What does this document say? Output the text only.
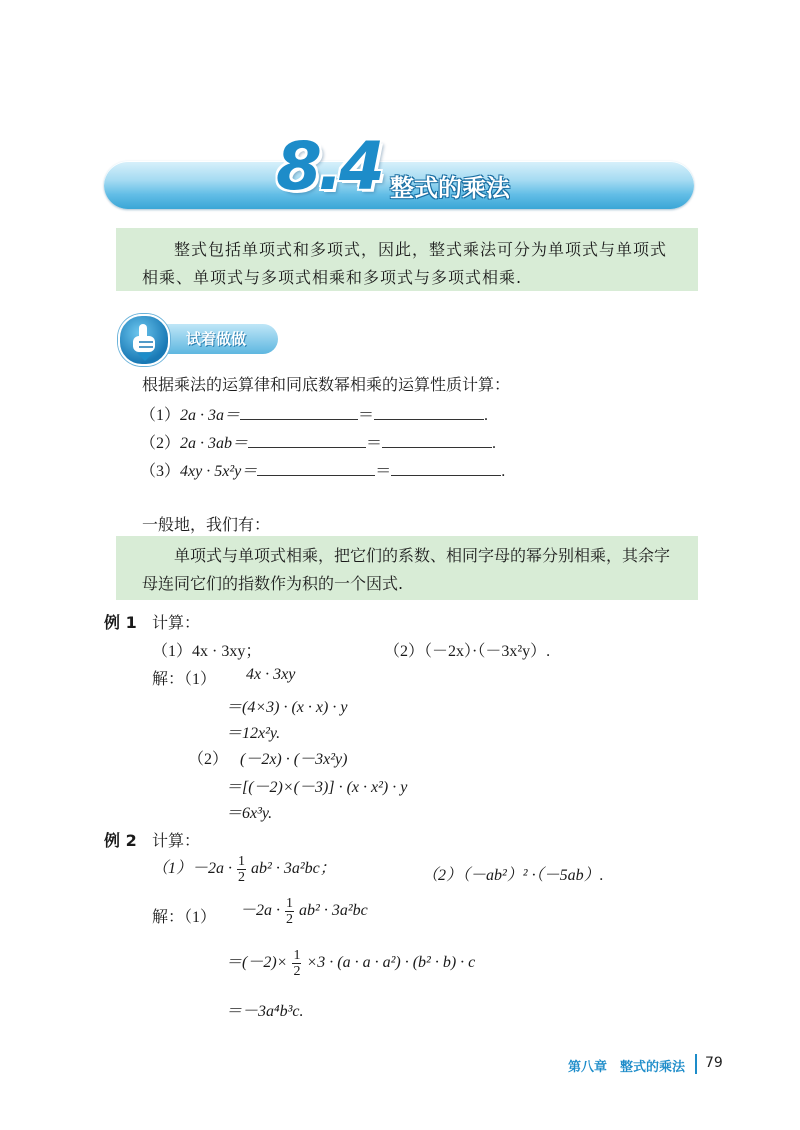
8.4 整式的乘法

整式包括单项式和多项式，因此，整式乘法可分为单项式与单项式相乘、单项式与多项式相乘和多项式与多项式相乘.

试着做做
根据乘法的运算律和同底数幂相乘的运算性质计算：
（1）2a · 3a＝	＝	.
（2）2a · 3ab＝	＝	.
（3）4xy · 5x²y＝	＝	.
一般地，我们有：

单项式与单项式相乘，把它们的系数、相同字母的幂分别相乘，其余字母连同它们的指数作为积的一个因式.

例 1 计算：
（1）4x · 3xy；	（2）（－2x）·（－3x²y）.
解：（1） 4x · 3xy
＝(4×3) · (x · x) · y
＝12x²y.
（2） (－2x) · (－3x²y)
＝[(－2)×(－3)] · (x · x²) · y
＝6x³y.
例 2 计算：
$(1)-2a \cdot \frac{1}{2} ab^2 \cdot 3a^2bc$；	（2）（－ab²）² ·（－5ab）.
解：$(1) -2a \cdot \frac{1}{2} ab^2 \cdot 3a^2bc$
$=(-2)\times \frac{1}{2} \times 3 \cdot (a \cdot a \cdot a^2) \cdot (b^2 \cdot b) \cdot c$
＝－3a⁴b³c.
第八章　整式的乘法 79
